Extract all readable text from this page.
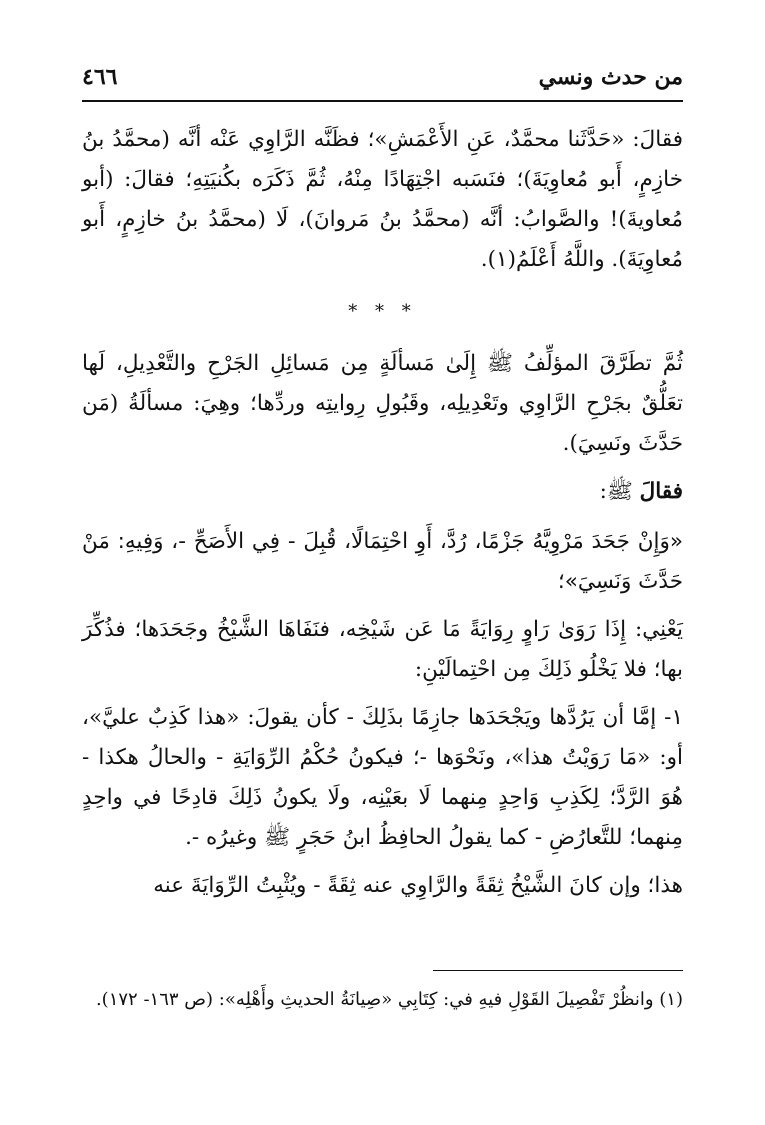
من حدث ونسي
٤٦٦

فقالَ: «حَدَّثَنا محمَّدٌ، عَنِ الأَعْمَشِ»؛ فظَنَّه الرَّاوِي عَنْه أنَّه (محمَّدُ بنُ خازِمٍ، أَبو مُعاوِيَةَ)؛ فنَسَبه اجْتِهَادًا مِنْهُ، ثُمَّ ذَكَرَه بكُنيَتِهِ؛ فقالَ: (أبو مُعاويةَ)! والصَّوابُ: أنَّه (محمَّدُ بنُ مَروانَ)، لَا (محمَّدُ بنُ خازِمٍ، أَبو مُعاوِيَةَ). واللَّهُ أَعْلَمُ(١).

* * *

ثُمَّ تطَرَّقَ المؤلِّفُ ﷺ إِلَىٰ مَسألَةٍ مِن مَسائِلِ الجَرْحِ والتَّعْدِيلِ، لَها تعَلُّقٌ بجَرْحِ الرَّاوِي وتَعْدِيلِه، وقَبُولِ رِوايتِه وردِّها؛ وهِيَ: مسألَةُ (مَن حَدَّثَ ونَسِيَ).

فقالَ ﷺ:

«وَإِنْ جَحَدَ مَرْوِيَّهُ جَزْمًا، رُدَّ، أَوِ احْتِمَالًا، قُبِلَ - فِي الأَصَحِّ -، وَفِيهِ: مَنْ حَدَّثَ وَنَسِيَ»؛

يَعْنِي: إِذَا رَوَىٰ رَاوٍ رِوَايَةً مَا عَن شَيْخِه، فنَفَاهَا الشَّيْخُ وجَحَدَها؛ فذُكِّرَ بها؛ فلا يَخْلُو ذَلِكَ مِن احْتِمالَيْنِ:

١- إمَّا أن يَرُدَّها ويَجْحَدَها جازِمًا بذَلِكَ - كأن يقولَ: «هذا كَذِبٌ عليَّ»، أو: «مَا رَوَيْتُ هذا»، ونَحْوَها -؛ فيكونُ حُكْمُ الرِّوَايَةِ - والحالُ هكذا - هُوَ الرَّدَّ؛ لِكَذِبِ وَاحِدٍ مِنهما لَا بعَيْنِه، ولَا يكونُ ذَلِكَ قادِحًا في واحِدٍ مِنهما؛ للتَّعارُضِ - كما يقولُ الحافِظُ ابنُ حَجَرٍ ﷺ وغيرُه -.

هذا؛ وإن كانَ الشَّيْخُ ثِقَةً والرَّاوِي عنه ثِقَةً - ويُثْبِتُ الرِّوَايَةَ عنه

(١) وانظُرْ تَفْصِيلَ القَوْلِ فيهِ في: كِتَابِي «صِيانَةُ الحديثِ وأَهْلِه»: (ص ١٦٣- ١٧٢).
